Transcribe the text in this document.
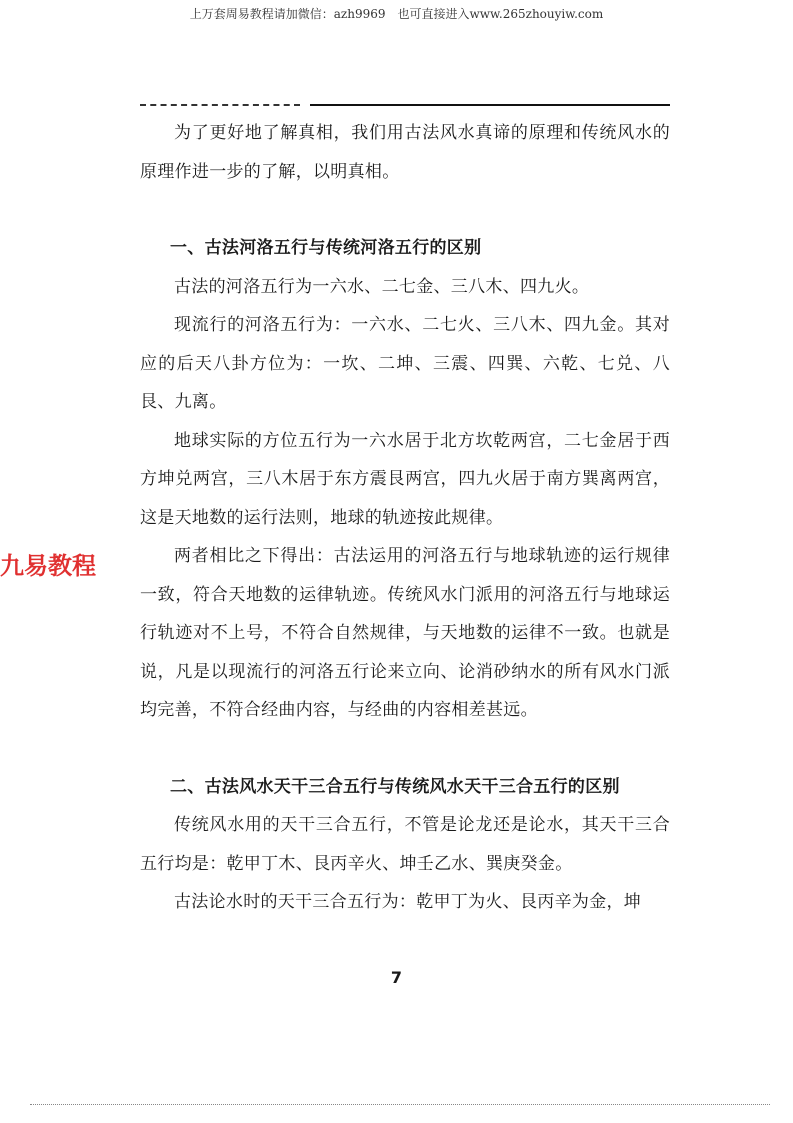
上万套周易教程请加微信：azh9969　也可直接进入www.265zhouyiw.com

为了更好地了解真相，我们用古法风水真谛的原理和传统风水的原理作进一步的了解，以明真相。

一、古法河洛五行与传统河洛五行的区别

古法的河洛五行为一六水、二七金、三八木、四九火。

现流行的河洛五行为：一六水、二七火、三八木、四九金。其对应的后天八卦方位为：一坎、二坤、三震、四巽、六乾、七兑、八艮、九离。

地球实际的方位五行为一六水居于北方坎乾两宫，二七金居于西方坤兑两宫，三八木居于东方震艮两宫，四九火居于南方巽离两宫，这是天地数的运行法则，地球的轨迹按此规律。

两者相比之下得出：古法运用的河洛五行与地球轨迹的运行规律一致，符合天地数的运律轨迹。传统风水门派用的河洛五行与地球运行轨迹对不上号，不符合自然规律，与天地数的运律不一致。也就是说，凡是以现流行的河洛五行论来立向、论消砂纳水的所有风水门派均完善，不符合经曲内容，与经曲的内容相差甚远。

二、古法风水天干三合五行与传统风水天干三合五行的区别

传统风水用的天干三合五行，不管是论龙还是论水，其天干三合五行均是：乾甲丁木、艮丙辛火、坤壬乙水、巽庚癸金。

古法论水时的天干三合五行为：乾甲丁为火、艮丙辛为金，坤

九易教程
7
